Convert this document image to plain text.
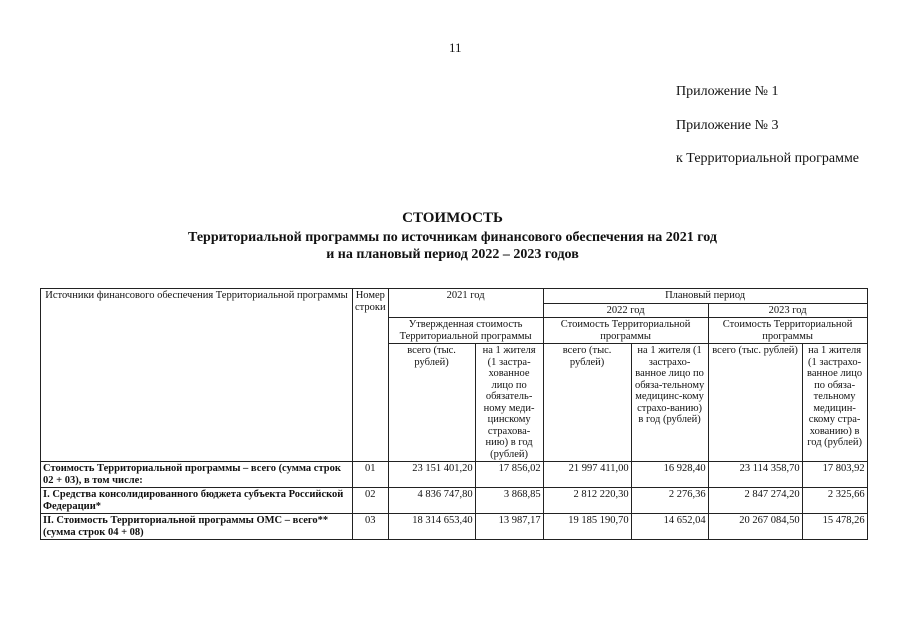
11
Приложение № 1
Приложение № 3
к Территориальной программе
СТОИМОСТЬ
Территориальной программы по источникам финансового обеспечения на 2021 год
и на плановый период 2022 – 2023 годов
Источники финансового обеспечения Территориальной программы	Номер строки	2021 год		Плановый период			
				2022 год		2023 год	
		Утвержденная стоимость Территориальной программы		Стоимость Территориальной программы		Стоимость Территориальной программы	
		всего (тыс. рублей)	на 1 жителя (1 застра-хованное лицо по обязатель-ному меди-цинскому страхова-нию) в год (рублей)	всего (тыс. рублей)	на 1 жителя (1 застрахо-ванное лицо по обяза-тельному медицинс-кому страхо-ванию) в год (рублей)	всего (тыс. рублей)	на 1 жителя (1 застрахо-ванное лицо по обяза-тельному медицин-скому стра-хованию) в год (рублей)
Стоимость Территориальной программы – всего (сумма строк 02 + 03), в том числе:	01	23 151 401,20	17 856,02	21 997 411,00	16 928,40	23 114 358,70	17 803,92
I. Средства консолидированного бюджета субъекта Российской Федерации*	02	4 836 747,80	3 868,85	2 812 220,30	2 276,36	2 847 274,20	2 325,66
II. Стоимость Территориальной программы ОМС – всего** (сумма строк 04 + 08)	03	18 314 653,40	13 987,17	19 185 190,70	14 652,04	20 267 084,50	15 478,26
